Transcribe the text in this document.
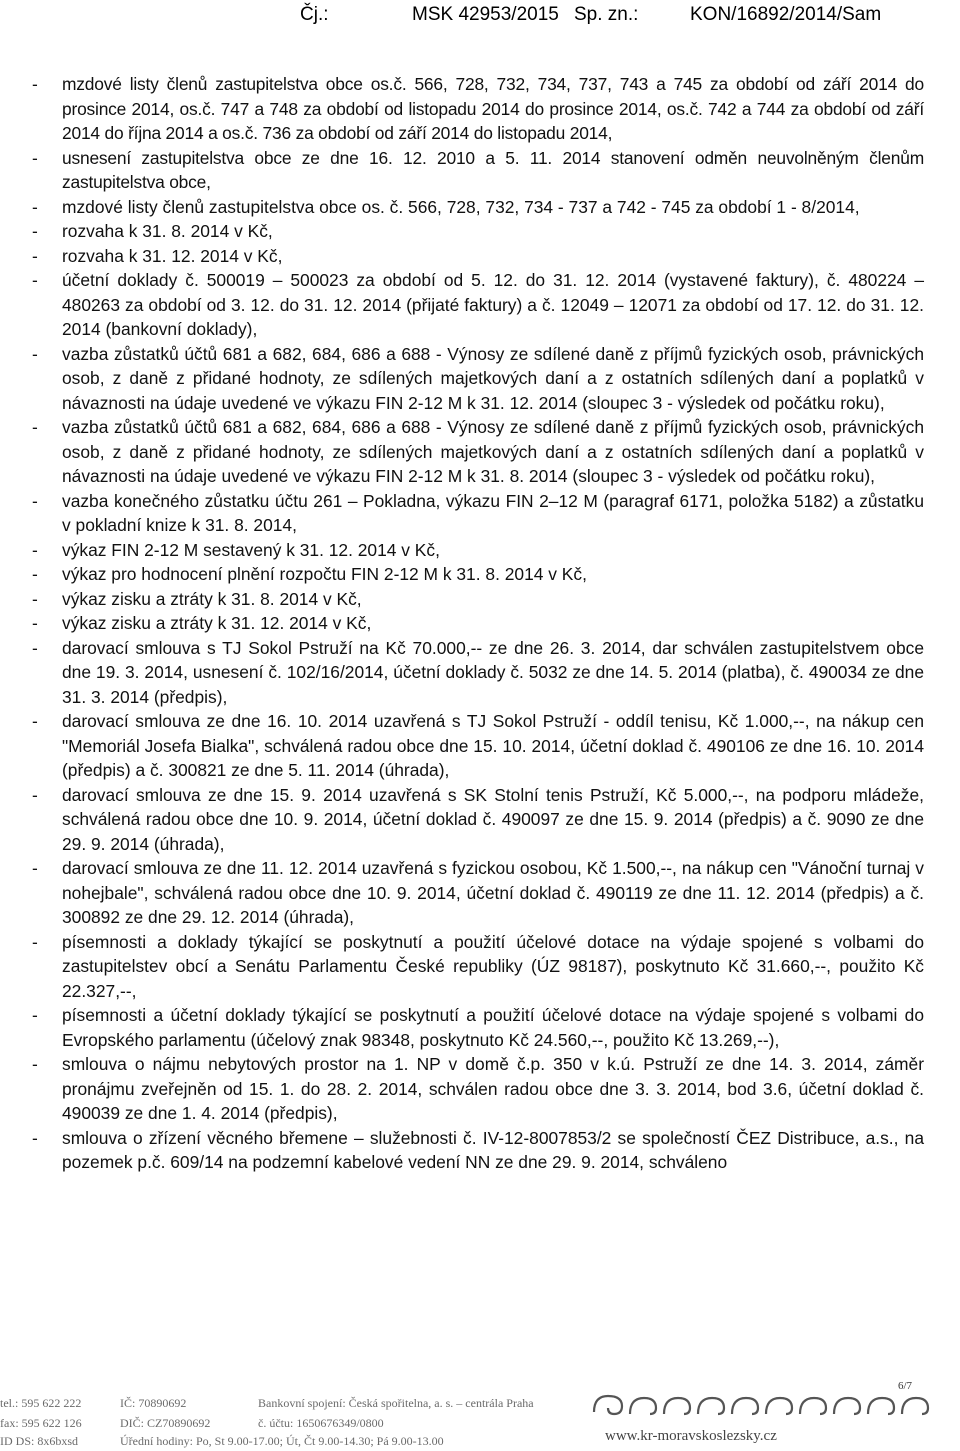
Čj.:	MSK 42953/2015 Sp. zn.:	KON/16892/2014/Sam
- mzdové listy členů zastupitelstva obce os.č. 566, 728, 732, 734, 737, 743 a 745 za období od září 2014 do prosince 2014, os.č. 747 a 748 za období od listopadu 2014 do prosince 2014, os.č. 742 a 744 za období od září 2014 do října 2014 a os.č. 736 za období od září 2014 do listopadu 2014,
- usnesení zastupitelstva obce ze dne 16. 12. 2010 a 5. 11. 2014 stanovení odměn neuvolněným členům zastupitelstva obce,
- mzdové listy členů zastupitelstva obce os. č. 566, 728, 732, 734 - 737 a 742 - 745 za období 1 - 8/2014,
- rozvaha k 31. 8. 2014 v Kč,
- rozvaha k 31. 12. 2014 v Kč,
- účetní doklady č. 500019 – 500023 za období od 5. 12. do 31. 12. 2014 (vystavené faktury), č. 480224 – 480263 za období od 3. 12. do 31. 12. 2014 (přijaté faktury) a č. 12049 – 12071 za období od 17. 12. do 31. 12. 2014 (bankovní doklady),
- vazba zůstatků účtů 681 a 682, 684, 686 a 688 - Výnosy ze sdílené daně z příjmů fyzických osob, právnických osob, z daně z přidané hodnoty, ze sdílených majetkových daní a z ostatních sdílených daní a poplatků v návaznosti na údaje uvedené ve výkazu FIN 2-12 M k 31. 12. 2014 (sloupec 3 - výsledek od počátku roku),
- vazba zůstatků účtů 681 a 682, 684, 686 a 688 - Výnosy ze sdílené daně z příjmů fyzických osob, právnických osob, z daně z přidané hodnoty, ze sdílených majetkových daní a z ostatních sdílených daní a poplatků v návaznosti na údaje uvedené ve výkazu FIN 2-12 M k 31. 8. 2014 (sloupec 3 - výsledek od počátku roku),
- vazba konečného zůstatku účtu 261 – Pokladna, výkazu FIN 2–12 M (paragraf 6171, položka 5182) a zůstatku v pokladní knize k 31. 8. 2014,
- výkaz FIN 2-12 M sestavený k 31. 12. 2014 v Kč,
- výkaz pro hodnocení plnění rozpočtu FIN 2-12 M k 31. 8. 2014 v Kč,
- výkaz zisku a ztráty k 31. 8. 2014 v Kč,
- výkaz zisku a ztráty k 31. 12. 2014 v Kč,
- darovací smlouva s TJ Sokol Pstruží na Kč 70.000,-- ze dne 26. 3. 2014, dar schválen zastupitelstvem obce dne 19. 3. 2014, usnesení č. 102/16/2014, účetní doklady č. 5032 ze dne 14. 5. 2014 (platba), č. 490034 ze dne 31. 3. 2014 (předpis),
- darovací smlouva ze dne 16. 10. 2014 uzavřená s TJ Sokol Pstruží - oddíl tenisu, Kč 1.000,--, na nákup cen "Memoriál Josefa Bialka", schválená radou obce dne 15. 10. 2014, účetní doklad č. 490106 ze dne 16. 10. 2014 (předpis) a č. 300821 ze dne 5. 11. 2014 (úhrada),
- darovací smlouva ze dne 15. 9. 2014 uzavřená s SK Stolní tenis Pstruží, Kč 5.000,--, na podporu mládeže, schválená radou obce dne 10. 9. 2014, účetní doklad č. 490097 ze dne 15. 9. 2014 (předpis) a č. 9090 ze dne 29. 9. 2014 (úhrada),
- darovací smlouva ze dne 11. 12. 2014 uzavřená s fyzickou osobou, Kč 1.500,--, na nákup cen "Vánoční turnaj v nohejbale", schválená radou obce dne 10. 9. 2014, účetní doklad č. 490119 ze dne 11. 12. 2014 (předpis) a č. 300892 ze dne 29. 12. 2014 (úhrada),
- písemnosti a doklady týkající se poskytnutí a použití účelové dotace na výdaje spojené s volbami do zastupitelstev obcí a Senátu Parlamentu České republiky (ÚZ 98187), poskytnuto Kč 31.660,--, použito Kč 22.327,--,
- písemnosti a účetní doklady týkající se poskytnutí a použití účelové dotace na výdaje spojené s volbami do Evropského parlamentu (účelový znak 98348, poskytnuto Kč 24.560,--, použito Kč 13.269,--),
- smlouva o nájmu nebytových prostor na 1. NP v domě č.p. 350 v k.ú. Pstruží ze dne 14. 3. 2014, záměr pronájmu zveřejněn od 15. 1. do 28. 2. 2014, schválen radou obce dne 3. 3. 2014, bod 3.6, účetní doklad č. 490039 ze dne 1. 4. 2014 (předpis),
- smlouva o zřízení věcného břemene – služebnosti č. IV-12-8007853/2 se společností ČEZ Distribuce, a.s., na pozemek p.č. 609/14 na podzemní kabelové vedení NN ze dne 29. 9. 2014, schváleno
tel.: 595 622 222	IČ: 70890692	Bankovní spojení: Česká spořitelna, a. s. – centrála Praha
fax: 595 622 126	DIČ: CZ70890692	č. účtu: 1650676349/0800
ID DS: 8x6bxsd	Úřední hodiny: Po, St 9.00-17.00; Út, Čt 9.00-14.30; Pá 9.00-13.00
6/7
www.kr-moravskoslezsky.cz
